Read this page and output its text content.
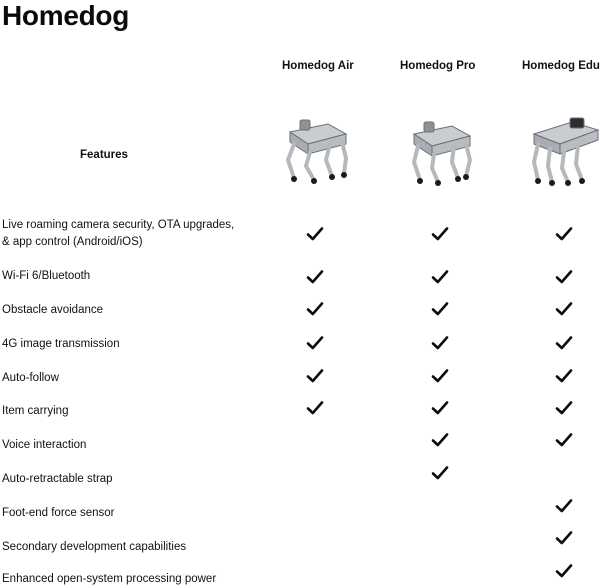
Homedog
Features
Homedog Air	Homedog Pro	Homedog Edu
Live roaming camera security, OTA upgrades,
& app control (Android/iOS)
Wi-Fi 6/Bluetooth
Obstacle avoidance
4G image transmission
Auto-follow
Item carrying
Voice interaction
Auto-retractable strap
Foot-end force sensor
Secondary development capabilities
Enhanced open-system processing power
